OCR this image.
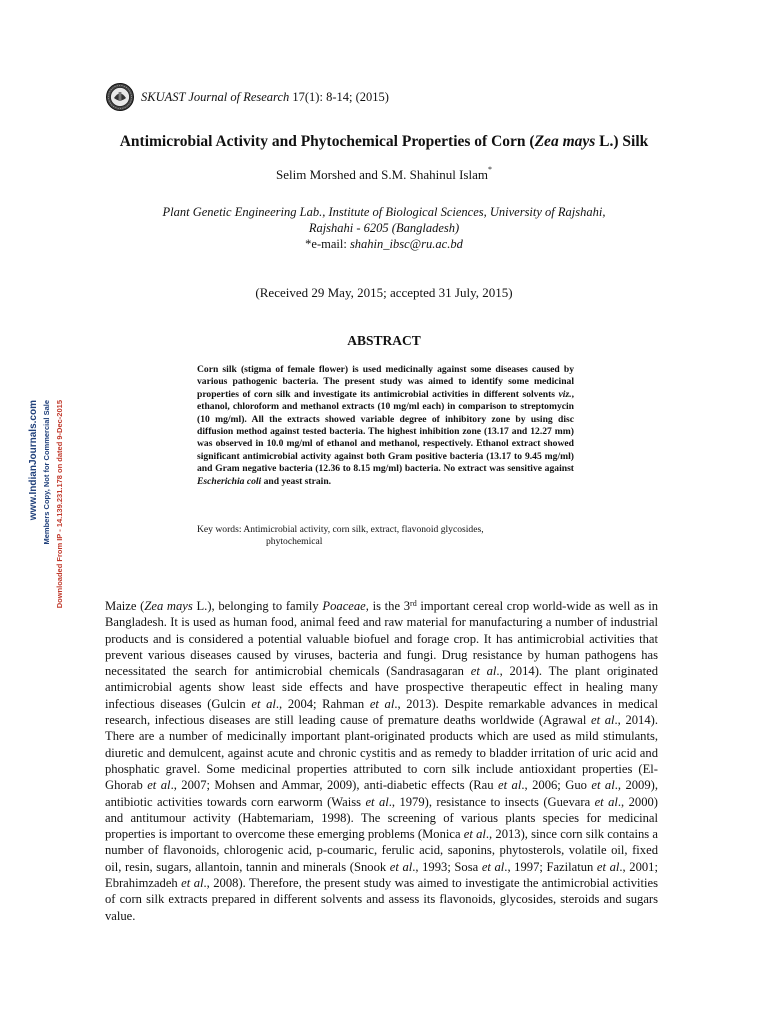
SKUAST Journal of Research 17(1): 8-14; (2015)
Antimicrobial Activity and Phytochemical Properties of Corn (Zea mays L.) Silk
Selim Morshed and S.M. Shahinul Islam*
Plant Genetic Engineering Lab., Institute of Biological Sciences, University of Rajshahi,
Rajshahi - 6205 (Bangladesh)
*e-mail: shahin_ibsc@ru.ac.bd
(Received 29 May, 2015; accepted 31 July, 2015)
ABSTRACT
Corn silk (stigma of female flower) is used medicinally against some diseases caused by various pathogenic bacteria. The present study was aimed to identify some medicinal properties of corn silk and investigate its antimicrobial activities in different solvents viz., ethanol, chloroform and methanol extracts (10 mg/ml each) in comparison to streptomycin (10 mg/ml). All the extracts showed variable degree of inhibitory zone by using disc diffusion method against tested bacteria. The highest inhibition zone (13.17 and 12.27 mm) was observed in 10.0 mg/ml of ethanol and methanol, respectively. Ethanol extract showed significant antimicrobial activity against both Gram positive bacteria (13.17 to 9.45 mg/ml) and Gram negative bacteria (12.36 to 8.15 mg/ml) bacteria. No extract was sensitive against Escherichia coli and yeast strain.
Key words: Antimicrobial activity, corn silk, extract, flavonoid glycosides,
phytochemical
Maize (Zea mays L.), belonging to family Poaceae, is the 3rd important cereal crop world-wide as well as in Bangladesh. It is used as human food, animal feed and raw material for manufacturing a number of industrial products and is considered a potential valuable biofuel and forage crop. It has antimicrobial activities that prevent various diseases caused by viruses, bacteria and fungi. Drug resistance by human pathogens has necessitated the search for antimicrobial chemicals (Sandrasagaran et al., 2014). The plant originated antimicrobial agents show least side effects and have prospective therapeutic effect in healing many infectious diseases (Gulcin et al., 2004; Rahman et al., 2013). Despite remarkable advances in medical research, infectious diseases are still leading cause of premature deaths worldwide (Agrawal et al., 2014). There are a number of medicinally important plant-originated products which are used as mild stimulants, diuretic and demulcent, against acute and chronic cystitis and as remedy to bladder irritation of uric acid and phosphatic gravel. Some medicinal properties attributed to corn silk include antioxidant properties (El-Ghorab et al., 2007; Mohsen and Ammar, 2009), anti-diabetic effects (Rau et al., 2006; Guo et al., 2009), antibiotic activities towards corn earworm (Waiss et al., 1979), resistance to insects (Guevara et al., 2000) and antitumour activity (Habtemariam, 1998). The screening of various plants species for medicinal properties is important to overcome these emerging problems (Monica et al., 2013), since corn silk contains a number of flavonoids, chlorogenic acid, p-coumaric, ferulic acid, saponins, phytosterols, volatile oil, fixed oil, resin, sugars, allantoin, tannin and minerals (Snook et al., 1993; Sosa et al., 1997; Fazilatun et al., 2001; Ebrahimzadeh et al., 2008). Therefore, the present study was aimed to investigate the antimicrobial activities of corn silk extracts prepared in different solvents and assess its flavonoids, glycosides, steroids and sugars value.
www.IndianJournals.com Members Copy, Not for Commercial Sale Downloaded From IP - 14.139.231.178 on dated 9-Dec-2015
